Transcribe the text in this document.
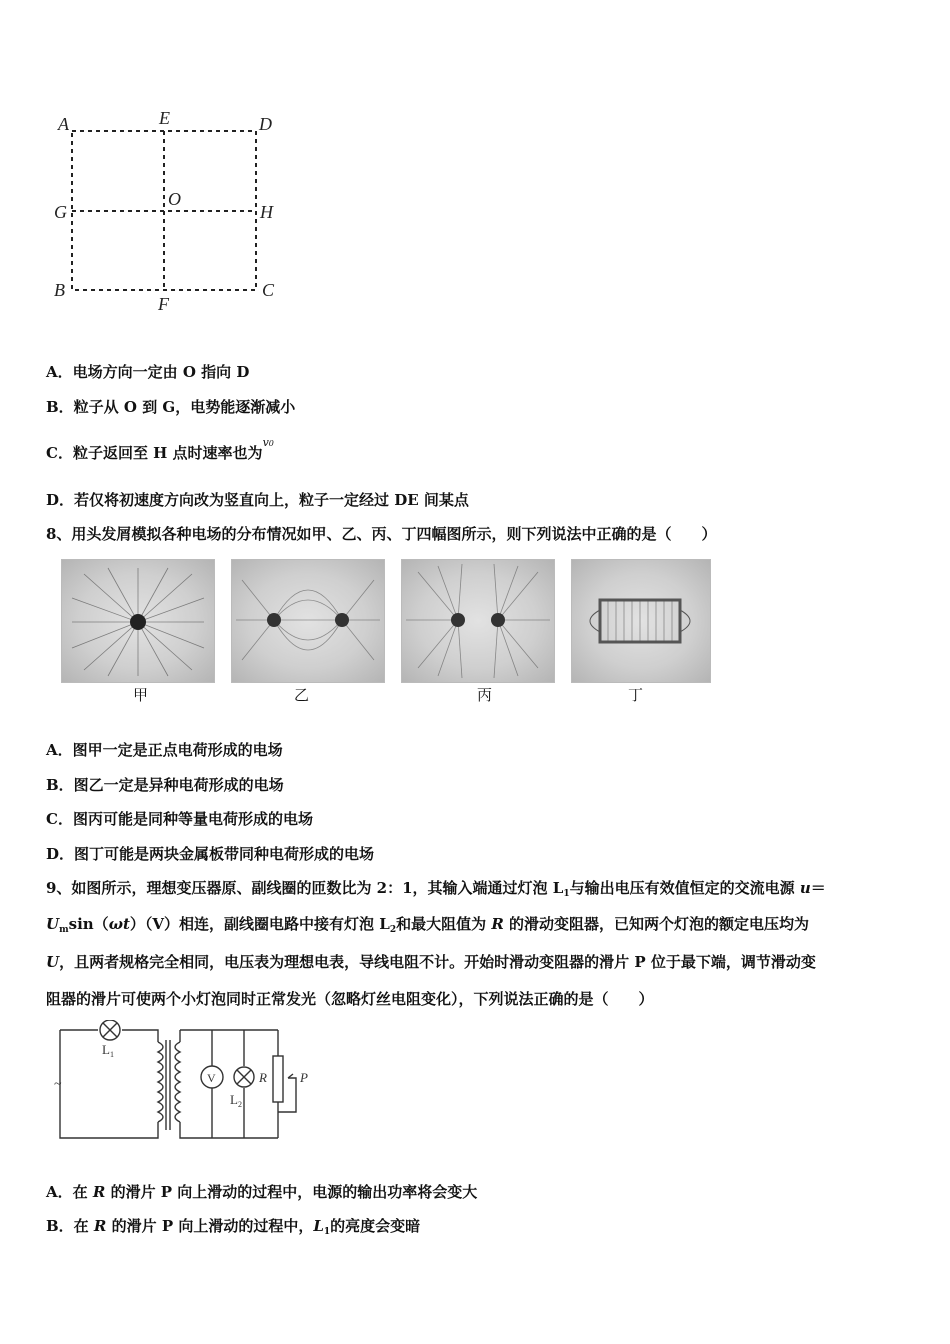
A	E	D
G
O
H
B
F
C
A．电场方向一定由 O 指向 D
B．粒子从 O 到 G，电势能逐渐减小
C．粒子返回至 H 点时速率也为$^{v0}$
D．若仅将初速度方向改为竖直向上，粒子一定经过 DE 间某点
8、用头发屑模拟各种电场的分布情况如甲、乙、丙、丁四幅图所示，则下列说法中正确的是（　　）
甲	乙	丙	丁
A．图甲一定是正点电荷形成的电场
B．图乙一定是异种电荷形成的电场
C．图丙可能是同种等量电荷形成的电场
D．图丁可能是两块金属板带同种电荷形成的电场
9、如图所示，理想变压器原、副线圈的匝数比为 2：1，其输入端通过灯泡 $L_1$与输出电压有效值恒定的交流电源 u＝
$U_m\sin(\omega t)(V)$相连，副线圈电路中接有灯泡 $L_2$和最大阻值为 R 的滑动变阻器，已知两个灯泡的额定电压均为
U，且两者规格完全相同，电压表为理想电表，导线电阻不计。开始时滑动变阻器的滑片 P 位于最下端，调节滑动变
阻器的滑片可使两个小灯泡同时正常发光（忽略灯丝电阻变化），下列说法正确的是（　　）
~
$L_1$
V
$L_2$
R	P
A．在 R 的滑片 P 向上滑动的过程中，电源的输出功率将会变大
B．在 R 的滑片 P 向上滑动的过程中，$L_1$的亮度会变暗
